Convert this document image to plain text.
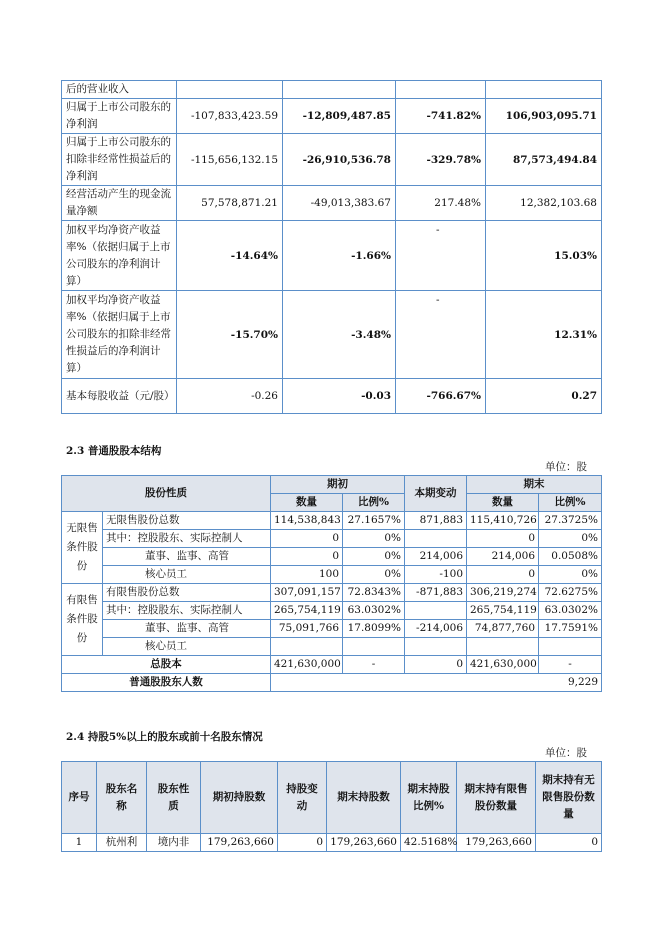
后的营业收入				
归属于上市公司股东的净利润	-107,833,423.59	-12,809,487.85	-741.82%	106,903,095.71
归属于上市公司股东的扣除非经常性损益后的净利润	-115,656,132.15	-26,910,536.78	-329.78%	87,573,494.84
经营活动产生的现金流量净额	57,578,871.21	-49,013,383.67	217.48%	12,382,103.68
加权平均净资产收益率%（依据归属于上市公司股东的净利润计算）	-14.64%	-1.66%	-	15.03%
加权平均净资产收益率%（依据归属于上市公司股东的扣除非经常性损益后的净利润计算）	-15.70%	-3.48%	-	12.31%
基本每股收益（元/股）	-0.26	-0.03	-766.67%	0.27
2.3 普通股股本结构
单位：股
股份性质		期初		本期变动	期末	
		数量	比例%		数量	比例%
无限售条件股份	无限售股份总数	114,538,843	27.1657%	871,883	115,410,726	27.3725%
	其中：控股股东、实际控制人	0	0%		0	0%
	董事、监事、高管	0	0%	214,006	214,006	0.0508%
	核心员工	100	0%	-100	0	0%
有限售条件股份	有限售股份总数	307,091,157	72.8343%	-871,883	306,219,274	72.6275%
	其中：控股股东、实际控制人	265,754,119	63.0302%		265,754,119	63.0302%
	董事、监事、高管	75,091,766	17.8099%	-214,006	74,877,760	17.7591%
	核心员工					
总股本		421,630,000	-	0	421,630,000	-
普通股股东人数		9,229				
2.4 持股5%以上的股东或前十名股东情况
单位：股
序号	股东名称	股东性质	期初持股数	持股变动	期末持股数	期末持股比例%	期末持有限售股份数量	期末持有无限售股份数量
1	杭州利	境内非	179,263,660	0	179,263,660	42.5168%	179,263,660	0
